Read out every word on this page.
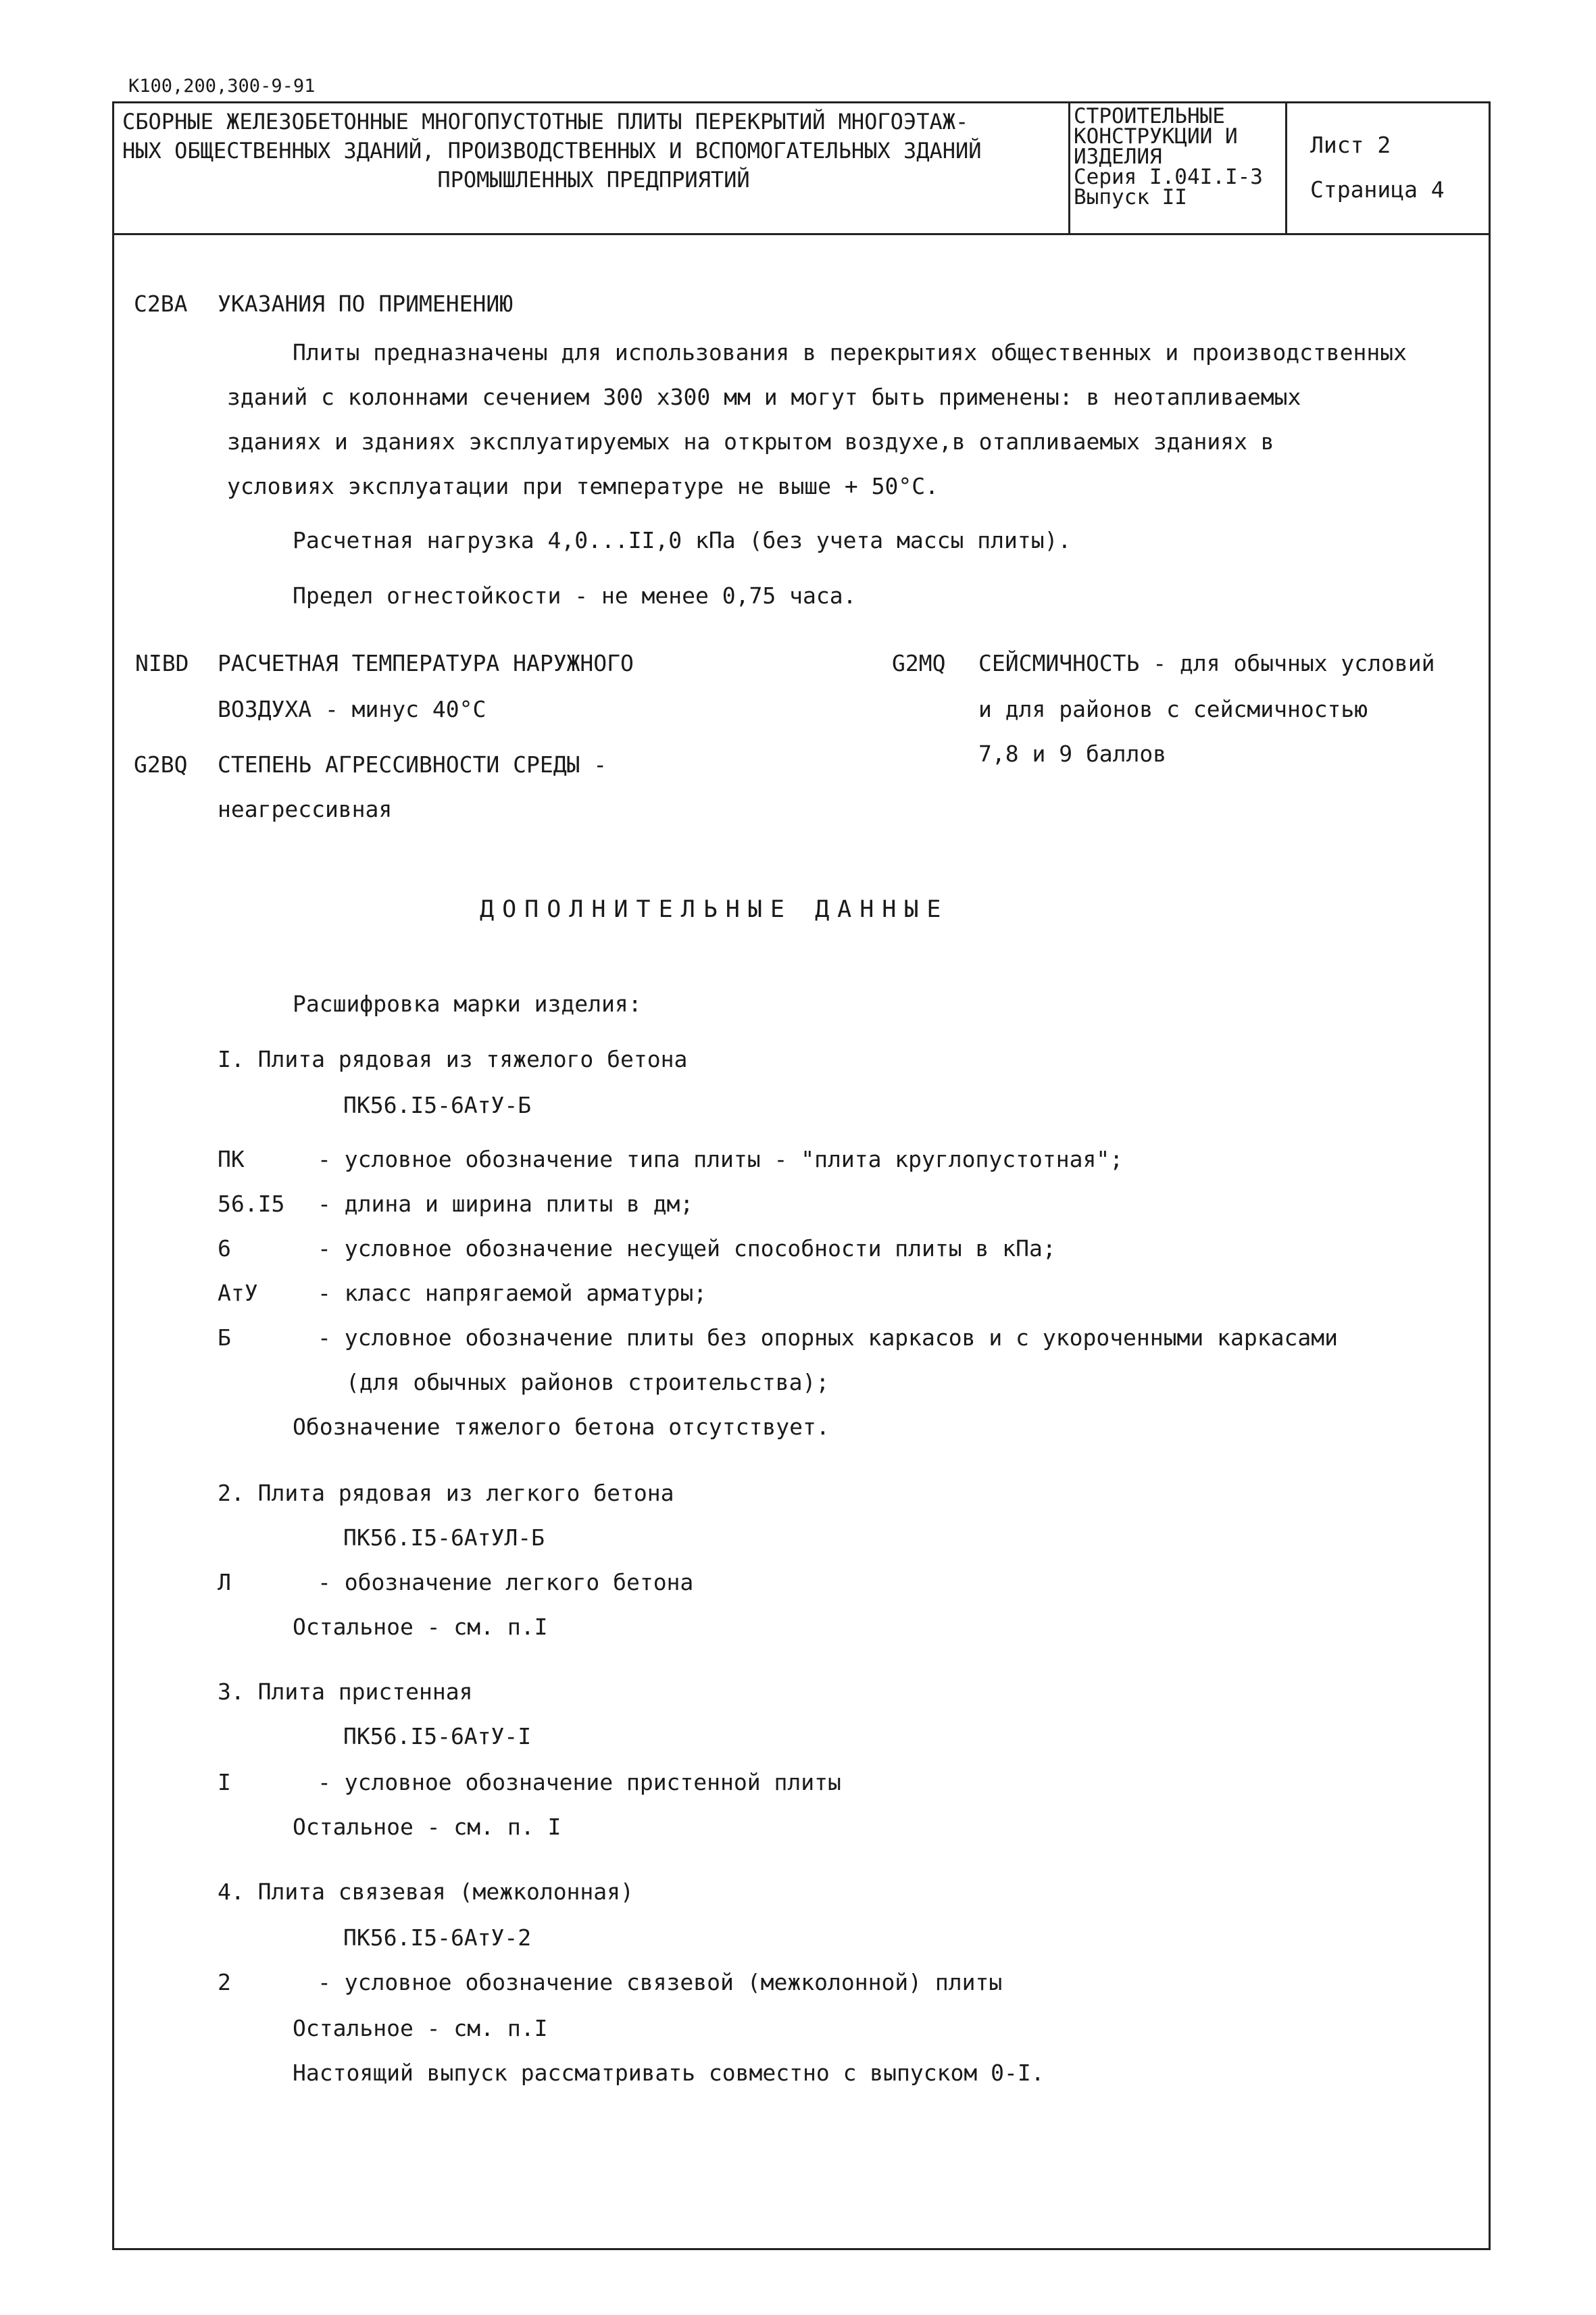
К100,200,300-9-91
СБОРНЫЕ ЖЕЛЕЗОБЕТОННЫЕ МНОГОПУСТОТНЫЕ ПЛИТЫ ПЕРЕКРЫТИЙ МНОГОЭТАЖ-
НЫХ ОБЩЕСТВЕННЫХ ЗДАНИЙ, ПРОИЗВОДСТВЕННЫХ И ВСПОМОГАТЕЛЬНЫХ ЗДАНИЙ
ПРОМЫШЛЕННЫХ ПРЕДПРИЯТИЙ
СТРОИТЕЛЬНЫЕ
КОНСТРУКЦИИ И
ИЗДЕЛИЯ
Серия I.04I.I-3
Выпуск II
Лист 2
Страница 4
С2ВА УКАЗАНИЯ ПО ПРИМЕНЕНИЮ
Плиты предназначены для использования в перекрытиях общественных и производственных
зданий с колоннами сечением 300 х300 мм и могут быть применены: в неотапливаемых
зданиях и зданиях эксплуатируемых на открытом воздухе,в отапливаемых зданиях в
условиях эксплуатации при температуре не выше + 50°С.
Расчетная нагрузка 4,0...II,0 кПа (без учета массы плиты).
Предел огнестойкости - не менее 0,75 часа.
NIBD РАСЧЕТНАЯ ТЕМПЕРАТУРА НАРУЖНОГО
ВОЗДУХА - минус 40°С
G2BQ СТЕПЕНЬ АГРЕССИВНОСТИ СРЕДЫ -
неагрессивная
G2MQ СЕЙСМИЧНОСТЬ - для обычных условий
и для районов с сейсмичностью
7,8 и 9 баллов
ДОПОЛНИТЕЛЬНЫЕ ДАННЫЕ
Расшифровка марки изделия:
I. Плита рядовая из тяжелого бетона
ПК56.I5-6АтУ-Б
ПК	- условное обозначение типа плиты - "плита круглопустотная";
56.I5 - длина и ширина плиты в дм;
6	- условное обозначение несущей способности плиты в кПа;
АтУ	- класс напрягаемой арматуры;
Б	- условное обозначение плиты без опорных каркасов и с укороченными каркасами
(для обычных районов строительства);
Обозначение тяжелого бетона отсутствует.
2. Плита рядовая из легкого бетона
ПК56.I5-6АтУЛ-Б
Л	- обозначение легкого бетона
Остальное - см. п.I
3. Плита пристенная
ПК56.I5-6АтУ-I
I	- условное обозначение пристенной плиты
Остальное - см. п. I
4. Плита связевая (межколонная)
ПК56.I5-6АтУ-2
2	- условное обозначение связевой (межколонной) плиты
Остальное - см. п.I
Настоящий выпуск рассматривать совместно с выпуском 0-I.
